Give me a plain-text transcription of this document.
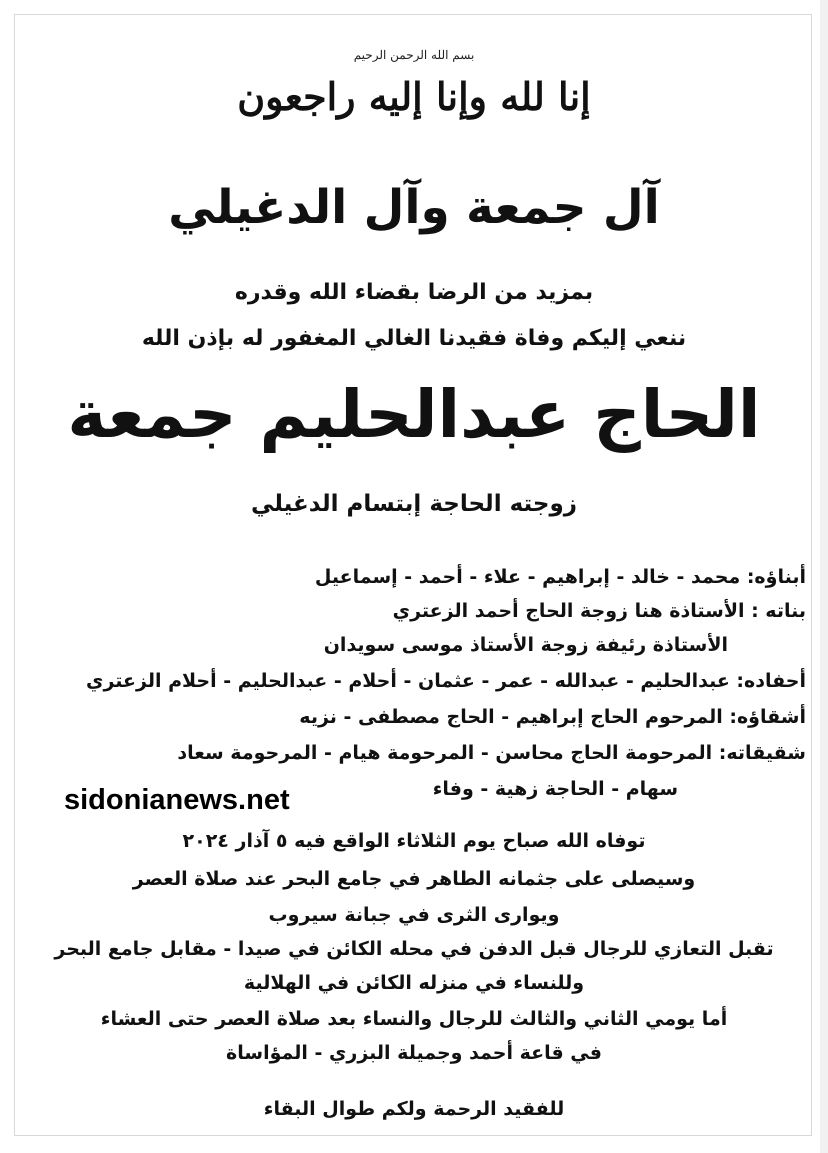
بسم الله الرحمن الرحيم
إنا لله وإنا إليه راجعون
آل جمعة وآل الدغيلي
بمزيد من الرضا بقضاء الله وقدره
ننعي إليكم وفاة فقيدنا الغالي المغفور له بإذن الله
الحاج عبدالحليم جمعة
زوجته الحاجة إبتسام الدغيلي
أبناؤه: محمد - خالد - إبراهيم - علاء - أحمد - إسماعيل
بناته : الأستاذة هنا زوجة الحاج أحمد الزعتري
الأستاذة رئيفة زوجة الأستاذ موسى سويدان
أحفاده: عبدالحليم - عبدالله - عمر - عثمان - أحلام - عبدالحليم - أحلام الزعتري
أشقاؤه: المرحوم الحاج إبراهيم - الحاج مصطفى - نزيه
شقيقاته: المرحومة الحاج محاسن - المرحومة هيام - المرحومة سعاد
سهام - الحاجة زهية - وفاء
sidonianews.net
توفاه الله صباح يوم الثلاثاء الواقع فيه ٥ آذار ٢٠٢٤
وسيصلى على جثمانه الطاهر في جامع البحر عند صلاة العصر
ويوارى الثرى في جبانة سيروب
تقبل التعازي للرجال قبل الدفن في محله الكائن في صيدا - مقابل جامع البحر
وللنساء في منزله الكائن في الهلالية
أما يومي الثاني والثالث للرجال والنساء بعد صلاة العصر حتى العشاء
في قاعة أحمد وجميلة البزري - المؤاساة
للفقيد الرحمة ولكم طوال البقاء
